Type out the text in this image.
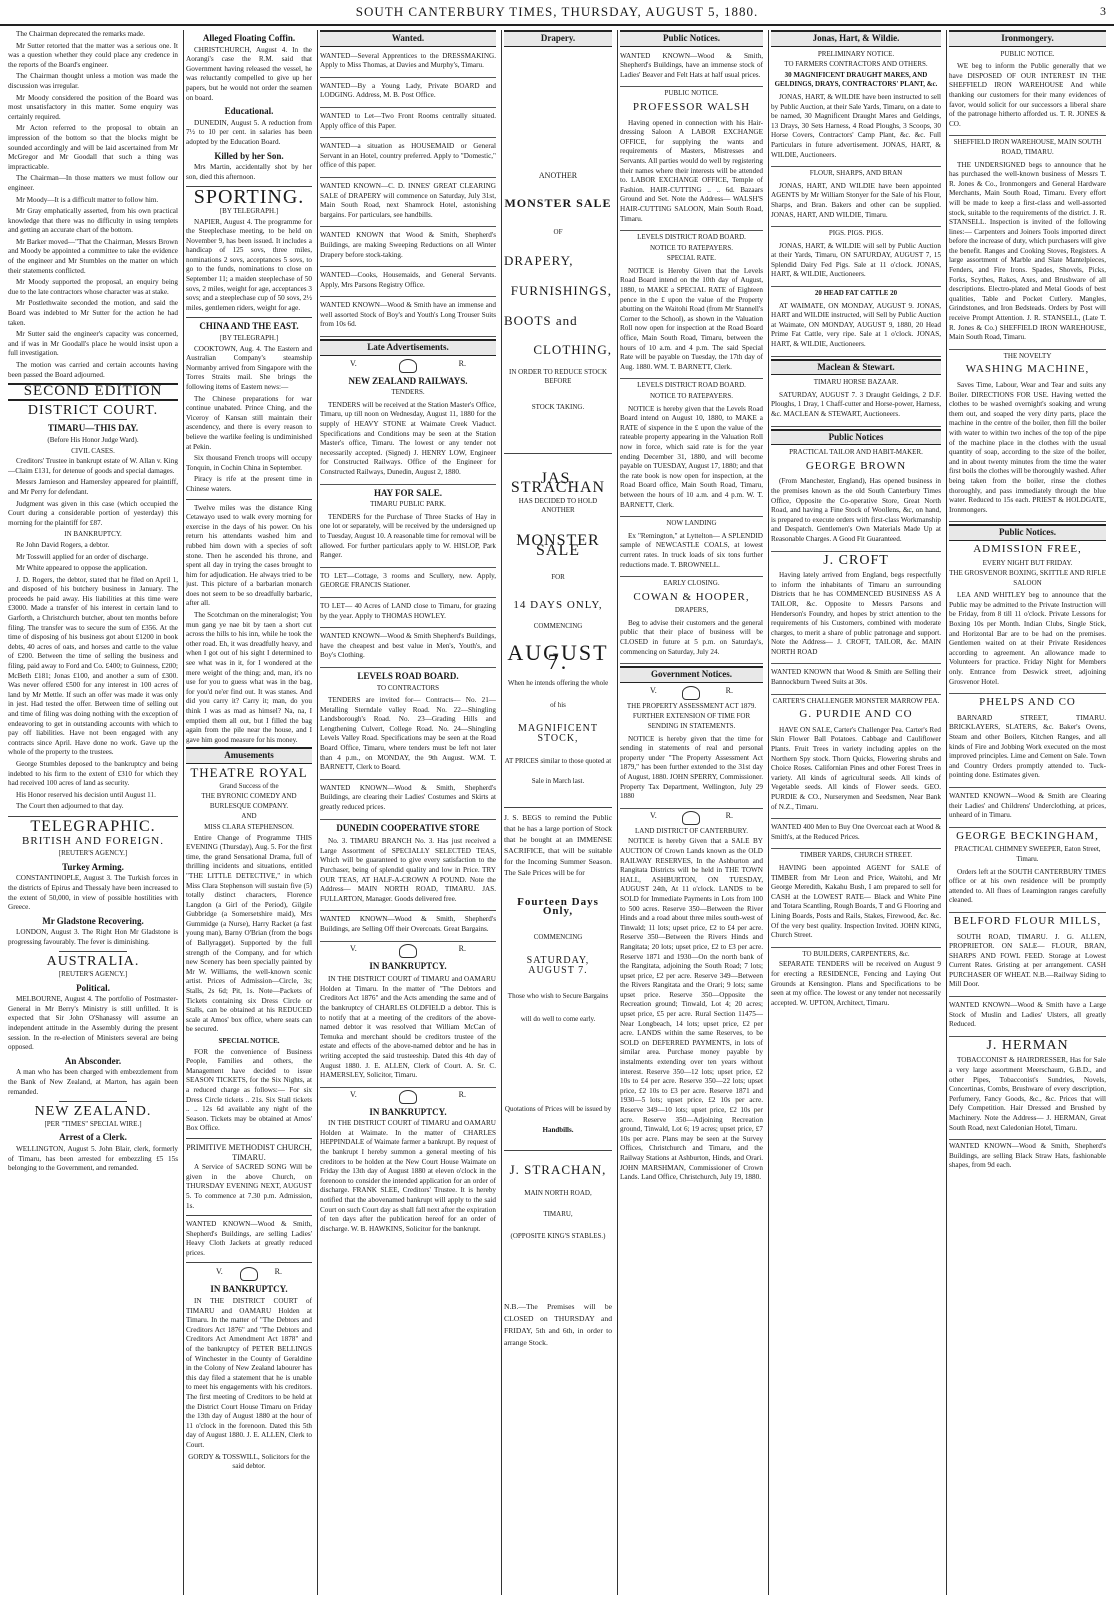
SOUTH CANTERBURY TIMES, THURSDAY, AUGUST 5, 1880.	3

The Chairman deprecated the remarks made.

Mr Sutter retorted that the matter was a serious one. It was a question whether they could place any credence in the reports of the Board's engineer.

The Chairman thought unless a motion was made the discussion was irregular.

Mr Moody considered the position of the Board was most unsatisfactory in this matter. Some enquiry was certainly required.

Mr Acton referred to the proposal to obtain an impression of the bottom so that the blocks might be sounded accordingly and will be laid ascertained from Mr McGregor and Mr Goodall that such a thing was impracticable.

The Chairman—In those matters we must follow our engineer.

Mr Moody—It is a difficult matter to follow him.

Mr Gray emphatically asserted, from his own practical knowledge that there was no difficulty in using templets and getting an accurate chart of the bottom.

Mr Barker moved—"That the Chairman, Messrs Brown and Moody be appointed a committee to take the evidence of the engineer and Mr Stumbles on the matter on which their statements conflicted.

Mr Moody supported the proposal, an enquiry being due to the late contractors whose character was at stake.

Mr Postlethwaite seconded the motion, and said the Board was indebted to Mr Sutter for the action he had taken.

Mr Sutter said the engineer's capacity was concerned, and if was in Mr Goodall's place he would insist upon a full investigation.

The motion was carried and certain accounts having been passed the Board adjourned.

SECOND EDITION
DISTRICT COURT.
TIMARU—THIS DAY.
(Before His Honor Judge Ward).
CIVIL CASES.

Creditors' Trustee in bankrupt estate of W. Allan v. King—Claim £131, for detenue of goods and special damages.

Messrs Jamieson and Hamersley appeared for plaintiff, and Mr Perry for defendant.

Judgment was given in this case (which occupied the Court during a considerable portion of yesterday) this morning for the plaintiff for £87.

IN BANKRUPTCY.

Re John David Rogers, a debtor.

Mr Tosswill applied for an order of discharge.

Mr White appeared to oppose the application.

J. D. Rogers, the debtor, stated that he filed on April 1, and disposed of his butchery business in January. The proceeds he paid away. His liabilities at this time were £3000. Made a transfer of his interest in certain land to Garforth, a Christchurch butcher, about ten months before filing. The transfer was to secure the sum of £356. At the time of disposing of his business got about £1200 in book debts, 40 acres of oats, and horses and cattle to the value of £200. Between the time of selling the business and filing, paid away to Ford and Co. £400; to Guinness, £200; McBeth £181; Jonas £100, and another a sum of £300. Was never offered £500 for any interest in 100 acres of land by Mr Mettle. If such an offer was made it was only in jest. Had tested the offer. Between time of selling out and time of filing was doing nothing with the exception of endeavoring to get in outstanding accounts with which to pay off liabilities. Have not been engaged with any contracts since April. Have done no work. Gave up the whole of the property to the trustees.

George Stumbles deposed to the bankruptcy and being indebted to his firm to the extent of £310 for which they had received 100 acres of land as security.

His Honor reserved his decision until August 11.

The Court then adjourned to that day.

TELEGRAPHIC.
BRITISH AND FOREIGN.
[REUTER'S AGENCY.]
Turkey Arming.

CONSTANTINOPLE, August 3. The Turkish forces in the districts of Epirus and Thessaly have been increased to the extent of 50,000, in view of possible hostilities with Greece.

Mr Gladstone Recovering.

LONDON, August 3. The Right Hon Mr Gladstone is progressing favourably. The fever is diminishing.

AUSTRALIA.
[REUTER'S AGENCY.]
Political.

MELBOURNE, August 4. The portfolio of Postmaster-General in Mr Berry's Ministry is still unfilled. It is expected that Sir John O'Shanassy will assume an independent attitude in the Assembly during the present session. In the re-election of Ministers several are being opposed.

An Absconder.

A man who has been charged with embezzlement from the Bank of New Zealand, at Marton, has again been remanded.

NEW ZEALAND.
[PER "TIMES" SPECIAL WIRE.]
Arrest of a Clerk.

WELLINGTON, August 5. John Blair, clerk, formerly of Timaru, has been arrested for embezzling £5 15s belonging to the Government, and remanded.

Alleged Floating Coffin.

CHRISTCHURCH, August 4. In the Aorangi's case the R.M. said that Government having released the vessel, he was reluctantly compelled to give up her papers, but he would not order the seamen on board.

Educational.

DUNEDIN, August 5. A reduction from 7½ to 10 per cent. in salaries has been adopted by the Education Board.

Killed by her Son.

Mrs Martin, accidentally shot by her son, died this afternoon.

SPORTING.
[BY TELEGRAPH.]

NAPIER, August 4. The programme for the Steeplechase meeting, to be held on November 9, has been issued. It includes a handicap of 125 sovs, three miles, nominations 2 sovs, acceptances 5 sovs, to go to the funds, nominations to close on September 11; a maiden steeplechase of 50 sovs, 2 miles, weight for age, acceptances 3 sovs; and a steeplechase cup of 50 sovs, 2½ miles, gentlemen riders, weight for age.

CHINA AND THE EAST.
[BY TELEGRAPH.]

COOKTOWN, Aug. 4. The Eastern and Australian Company's steamship Normanby arrived from Singapore with the Torres Straits mail. She brings the following items of Eastern news:—

The Chinese preparations for war continue unabated. Prince Ching, and the Viceroy of Kansan still maintain their ascendency, and there is every reason to believe the warlike feeling is undiminished at Pekin.

Six thousand French troops will occupy Tonquin, in Cochin China in September.

Piracy is rife at the present time in Chinese waters.

Twelve miles was the distance King Cetawayo used to walk every morning for exercise in the days of his power. On his return his attendants washed him and rubbed him down with a species of soft stone. Then he ascended his throne, and spent all day in trying the cases brought to him for adjudication. He always tried to be just. This picture of a barbarian monarch does not seem to be so dreadfully barbaric, after all.

The Scotchman on the mineralogist; You mun gang ye nae bit by taen a short cut across the hills to his inn, while he took the other road. Eh, it was dreadfully heavy, and when I got out of his sight I determined to see what was in it, for I wondered at the mere weight of the thing; and, man, it's no use for you to guess what was in the bag, for you'd ne'er find out. It was stanes. And did you carry it? Carry it; man, do you think I was as mad as himsel? Na, na, I emptied them all out, but I filled the bag again from the pile near the house, and I gave him good measure for his money.

Amusements
THEATRE ROYAL
Grand Success of the
THE BYRONIC COMEDY AND BURLESQUE COMPANY.
AND
MISS CLARA STEPHENSON.

Entire Change of Programme THIS EVENING (Thursday), Aug. 5. For the first time, the grand Sensational Drama, full of thrilling incidents and situations, entitled "THE LITTLE DETECTIVE," in which Miss Clara Stephenson will sustain five (5) totally distinct characters, Florence Langdon (a Girl of the Period), Gilgile Gubbridge (a Somersetshire maid), Mrs Gummidge (a Nurse), Harry Racket (a fast young man), Barny O'Brian (from the bogs of Ballyragget). Supported by the full strength of the Company, and for which new Scenery has been specially painted by Mr W. Williams, the well-known scenic artist. Prices of Admission—Circle, 3s; Stalls, 2s 6d; Pit, 1s. Note—Packets of Tickets containing six Dress Circle or Stalls, can be obtained at his REDUCED scale at Amos' box office, where seats can be secured.

SPECIAL NOTICE.

FOR the convenience of Business People, Families and others, the Management have decided to issue SEASON TICKETS, for the Six Nights, at a reduced charge as follows:— For six Dress Circle tickets .. 21s. Six Stall tickets .. .. 12s 6d available any night of the Season. Tickets may be obtained at Amos' Box Office.

PRIMITIVE METHODIST CHURCH, TIMARU.

A Service of SACRED SONG Will be given in the above Church, on THURSDAY EVENING NEXT, AUGUST 5. To commence at 7.30 p.m. Admission, 1s.

WANTED KNOWN—Wood & Smith, Shepherd's Buildings, are selling Ladies' Heavy Cloth Jackets at greatly reduced prices.

V.	R.
IN BANKRUPTCY.

IN THE DISTRICT COURT of TIMARU and OAMARU Holden at Timaru. In the matter of "The Debtors and Creditors Act 1876" and "The Debtors and Creditors Act Amendment Act 1878" and of the bankruptcy of PETER BELLINGS of Winchester in the County of Geraldine in the Colony of New Zealand labourer has this day filed a statement that he is unable to meet his engagements with his creditors. The first meeting of Creditors to be held at the District Court House Timaru on Friday the 13th day of August 1880 at the hour of 11 o'clock in the forenoon. Dated this 5th day of August 1880. J. E. ALLEN, Clerk to Court.

GORDY & TOSSWILL, Solicitors for the said debtor.

Wanted.

WANTED—Several Apprentices to the DRESSMAKING. Apply to Miss Thomas, at Davies and Murphy's, Timaru.

WANTED—By a Young Lady, Private BOARD and LODGING. Address, M. B. Post Office.

WANTED to Let—Two Front Rooms centrally situated. Apply office of this Paper.

WANTED—a situation as HOUSEMAID or General Servant in an Hotel, country preferred. Apply to "Domestic," office of this paper.

WANTED KNOWN—C. D. INNES' GREAT CLEARING SALE of DRAPERY will commence on Saturday, July 31st, Main South Road, next Shamrock Hotel, astonishing bargains. For particulars, see handbills.

WANTED KNOWN that Wood & Smith, Shepherd's Buildings, are making Sweeping Reductions on all Winter Drapery before stock-taking.

WANTED—Cooks, Housemaids, and General Servants. Apply, Mrs Parsons Registry Office.

WANTED KNOWN—Wood & Smith have an immense and well assorted Stock of Boy's and Youth's Long Trouser Suits from 10s 6d.

Late Advertisements.
V.	R.
NEW ZEALAND RAILWAYS.
TENDERS.

TENDERS will be received at the Station Master's Office, Timaru, up till noon on Wednesday, August 11, 1880 for the supply of HEAVY STONE at Waimate Creek Viaduct. Specifications and Conditions may be seen at the Station Master's office, Timaru. The lowest or any tender not necessarily accepted. (Signed) J. HENRY LOW, Engineer for Constructed Railways. Office of the Engineer for Constructed Railways, Dunedin, August 2, 1880.

HAY FOR SALE.
TIMARU PUBLIC PARK.

TENDERS for the Purchase of Three Stacks of Hay in one lot or separately, will be received by the undersigned up to Tuesday, August 10. A reasonable time for removal will be allowed. For further particulars apply to W. HISLOP, Park Ranger.

TO LET—Cottage, 3 rooms and Scullery, new. Apply, GEORGE FRANCIS Stationer.

TO LET— 40 Acres of LAND close to Timaru, for grazing by the year. Apply to THOMAS HOWLEY.

WANTED KNOWN—Wood & Smith Shepherd's Buildings, have the cheapest and best value in Men's, Youth's, and Boy's Clothing.

LEVELS ROAD BOARD.
TO CONTRACTORS

TENDERS are invited for— Contracts— No. 21—Metalling Sterndale valley Road. No. 22—Shingling Landsborough's Road. No. 23—Grading Hills and Lengthening Culvert, College Road. No. 24—Shingling Levels Valley Road. Specifications may be seen at the Road Board Office, Timaru, where tenders must be left not later than 4 p.m., on MONDAY, the 9th August. W.M. T. BARNETT, Clerk to Board.

WANTED KNOWN—Wood & Smith, Shepherd's Buildings, are clearing their Ladies' Costumes and Skirts at greatly reduced prices.

DUNEDIN COOPERATIVE STORE

No. 3. TIMARU BRANCH No. 3. Has just received a Large Assortment of SPECIALLY SELECTED TEAS, Which will be guaranteed to give every satisfaction to the Purchaser, being of splendid quality and low in Price. TRY OUR TEAS, AT HALF-A-CROWN A POUND. Note the Address— MAIN NORTH ROAD, TIMARU. JAS. FULLARTON, Manager. Goods delivered free.

WANTED KNOWN—Wood & Smith, Shepherd's Buildings, are Selling Off their Overcoats. Great Bargains.

V.	R.
IN BANKRUPTCY.

IN THE DISTRICT COURT of TIMARU and OAMARU Holden at Timaru. In the matter of "The Debtors and Creditors Act 1876" and the Acts amending the same and of the bankruptcy of CHARLES OLDFIELD a debtor. This is to notify that at a meeting of the creditors of the above-named debtor it was resolved that William McCan of Temuka and merchant should be creditors trustee of the estate and effects of the above-named debtor and he has in writing accepted the said trusteeship. Dated this 4th day of August 1880. J. E. ALLEN, Clerk of Court. A. Sr. C. HAMERSLEY, Solicitor, Timaru.

V.	R.
IN BANKRUPTCY.

IN THE DISTRICT COURT of TIMARU and OAMARU Holden at Waimate. In the matter of CHARLES HEPPINDALE of Waimate farmer a bankrupt. By request of the bankrupt I hereby summon a general meeting of his creditors to be holden at the New Court House Waimate on Friday the 13th day of August 1880 at eleven o'clock in the forenoon to consider the intended application for an order of discharge. FRANK SLEE, Creditors' Trustee. It is hereby notified that the abovenamed bankrupt will apply to the said Court on such Court day as shall fall next after the expiration of ten days after the publication hereof for an order of discharge. W. B. HAWKINS, Solicitor for the bankrupt.

Drapery.
ANOTHER
MONSTER SALE
OF
DRAPERY,
FURNISHINGS,
BOOTS and
CLOTHING,
IN ORDER TO REDUCE STOCK BEFORE
STOCK TAKING.
JAS. STRACHAN
HAS DECIDED TO HOLD ANOTHER
MONSTER SALE
FOR
14 DAYS ONLY,
COMMENCING
AUGUST 7.
When he intends offering the whole
of his
MAGNIFICENT STOCK,
AT PRICES similar to those quoted at
Sale in March last.

J. S. BEGS to remind the Public that he has a large portion of Stock that he bought at an IMMENSE SACRIFICE, that will be suitable for the Incoming Summer Season. The Sale Prices will be for

Fourteen Days Only,
COMMENCING
SATURDAY, AUGUST 7.
Those who wish to Secure Bargains
will do well to come early.
Quotations of Prices will be issued by
Handbills.
J. STRACHAN,
MAIN NORTH ROAD,
TIMARU,
(OPPOSITE KING'S STABLES.)

N.B.—The Premises will be CLOSED on THURSDAY and FRIDAY, 5th and 6th, in order to arrange Stock.

Public Notices.

WANTED KNOWN—Wood & Smith, Shepherd's Buildings, have an immense stock of Ladies' Beaver and Felt Hats at half usual prices.

PUBLIC NOTICE.
PROFESSOR WALSH

Having opened in connection with his Hair-dressing Saloon A LABOR EXCHANGE OFFICE, for supplying the wants and requirements of Masters, Mistresses and Servants. All parties would do well by registering their names where their interests will be attended to. LABOR EXCHANGE OFFICE, Temple of Fashion. HAIR-CUTTING .. .. 6d. Bazaars Ground and Set. Note the Address— WALSH'S HAIR-CUTTING SALOON, Main South Road, Timaru.

LEVELS DISTRICT ROAD BOARD.
NOTICE TO RATEPAYERS.
SPECIAL RATE.

NOTICE is Hereby Given that the Levels Road Board intend on the 10th day of August, 1880, to MAKE a SPECIAL RATE of Eighteen pence in the £ upon the value of the Property abutting on the Waitohi Road (from Mr Stannell's Corner to the School), as shown in the Valuation Roll now open for inspection at the Road Board office, Main South Road, Timaru, between the hours of 10 a.m. and 4 p.m. The said Special Rate will be payable on Tuesday, the 17th day of Aug. 1880. WM. T. BARNETT, Clerk.

LEVELS DISTRICT ROAD BOARD.
NOTICE TO RATEPAYERS.

NOTICE is hereby given that the Levels Road Board intend on August 10, 1880, to MAKE a RATE of sixpence in the £ upon the value of the rateable property appearing in the Valuation Roll now in force, which said rate is for the year ending December 31, 1880, and will become payable on TUESDAY, August 17, 1880; and that the rate book is now open for inspection, at the Road Board office, Main South Road, Timaru, between the hours of 10 a.m. and 4 p.m. W. T. BARNETT, Clerk.

NOW LANDING

Ex "Remington," at Lyttelton— A SPLENDID sample of NEWCASTLE COALS, at lowest current rates. In truck loads of six tons further reductions made. T. BROWNELL.

EARLY CLOSING.
COWAN & HOOPER,
DRAPERS,

Beg to advise their customers and the general public that their place of business will be CLOSED in future at 5 p.m. on Saturday's, commencing on Saturday, July 24.

Government Notices.
V.	R.
THE PROPERTY ASSESSMENT ACT 1879.
FURTHER EXTENSION OF TIME FOR SENDING IN STATEMENTS.

NOTICE is hereby given that the time for sending in statements of real and personal property under "The Property Assessment Act 1879," has been further extended to the 31st day of August, 1880. JOHN SPERRY, Commissioner. Property Tax Department, Wellington, July 29 1880

V.	R.
LAND DISTRICT OF CANTERBURY.

NOTICE is hereby Given that a SALE BY AUCTION Of Crown Lands known as the OLD RAILWAY RESERVES, In the Ashburton and Rangitata Districts will be held in THE TOWN HALL, ASHBURTON, ON TUESDAY, AUGUST 24th, At 11 o'clock. LANDS to be SOLD for Immediate Payments in Lots from 100 to 500 acres. Reserve 350—Between the River Hinds and a road about three miles south-west of Tinwald; 11 lots; upset price, £2 to £4 per acre. Reserve 350—Between the Rivers Hinds and Rangitata; 20 lots; upset price, £2 to £3 per acre. Reserve 1871 and 1930—On the north bank of the Rangitata, adjoining the South Road; 7 lots; upset price, £2 per acre. Reserve 349—Between the Rivers Rangitata and the Orari; 9 lots; same upset price. Reserve 350—Opposite the Recreation ground; Tinwald, Lot 4; 20 acres; upset price, £5 per acre. Rural Section 11475—Near Longbeach, 14 lots; upset price, £2 per acre. LANDS within the same Reserves, to be SOLD on DEFERRED PAYMENTS, in lots of similar area. Purchase money payable by instalments extending over ten years without interest. Reserve 350—12 lots; upset price, £2 10s to £4 per acre. Reserve 350—22 lots; upset price, £2 10s to £3 per acre. Reserve 1871 and 1930—5 lots; upset price, £2 10s per acre. Reserve 349—10 lots; upset price, £2 10s per acre. Reserve 350—Adjoining Recreation ground, Tinwald, Lot 6; 19 acres; upset price, £7 10s per acre. Plans may be seen at the Survey Offices, Christchurch and Timaru, and the Railway Stations at Ashburton, Hinds, and Orari. JOHN MARSHMAN, Commissioner of Crown Lands. Land Office, Christchurch, July 19, 1880.

Jonas, Hart, & Wildie.
PRELIMINARY NOTICE.
TO FARMERS CONTRACTORS AND OTHERS.
30 MAGNIFICENT DRAUGHT MARES, AND GELDINGS, DRAYS, CONTRACTORS' PLANT, &c.

JONAS, HART, & WILDIE have been instructed to sell by Public Auction, at their Sale Yards, Timaru, on a date to be named, 30 Magnificent Draught Mares and Geldings, 13 Drays, 30 Sets Harness, 4 Road Ploughs, 3 Scoops, 30 Horse Covers, Contractors' Camp Plant, &c. &c. Full Particulars in future advertisement. JONAS, HART, & WILDIE, Auctioneers.

FLOUR, SHARPS, AND BRAN

JONAS, HART, AND WILDIE have been appointed AGENTS by Mr William Stonyer for the Sale of his Flour, Sharps, and Bran. Bakers and other can be supplied. JONAS, HART, AND WILDIE, Timaru.

PIGS. PIGS. PIGS.

JONAS, HART, & WILDIE will sell by Public Auction at their Yards, Timaru, ON SATURDAY, AUGUST 7, 15 Splendid Dairy Fed Pigs. Sale at 11 o'clock. JONAS, HART, & WILDIE, Auctioneers.

20 HEAD FAT CATTLE 20

AT WAIMATE, ON MONDAY, AUGUST 9. JONAS, HART and WILDIE instructed, will Sell by Public Auction at Waimate, ON MONDAY, AUGUST 9, 1880, 20 Head Prime Fat Cattle, very ripe. Sale at 1 o'clock. JONAS, HART, & WILDIE, Auctioneers.

Maclean & Stewart.
TIMARU HORSE BAZAAR.

SATURDAY, AUGUST 7. 3 Draught Geldings, 2 D.F. Ploughs, 1 Dray, 1 Chaff-cutter and Horse-power, Harness, &c. MACLEAN & STEWART, Auctioneers.

Public Notices
PRACTICAL TAILOR AND HABIT-MAKER.
GEORGE BROWN

(From Manchester, England), Has opened business in the premises known as the old South Canterbury Times Office, Opposite the Co-operative Store, Great North Road, and having a Fine Stock of Woollens, &c, on hand, is prepared to execute orders with first-class Workmanship and Despatch. Gentlemen's Own Materials Made Up at Reasonable Charges. A Good Fit Guaranteed.

J. CROFT

Having lately arrived from England, begs respectfully to inform the inhabitants of Timaru an surrounding Districts that he has COMMENCED BUSINESS AS A TAILOR, &c. Opposite to Messrs Parsons and Henderson's Foundry, and hopes by strict attention to the requirements of his Customers, combined with moderate charges, to merit a share of public patronage and support. Note the Address— J. CROFT, TAILOR, &c. MAIN NORTH ROAD

WANTED KNOWN that Wood & Smith are Selling their Bannockburn Tweed Suits at 30s.

CARTER'S CHALLENGER MONSTER MARROW PEA.
G. PURDIE AND CO

HAVE ON SALE, Carter's Challenger Pea. Carter's Red Skin Flower Ball Potatoes. Cabbage and Cauliflower Plants. Fruit Trees in variety including apples on the Northern Spy stock. Thorn Quicks, Flowering shrubs and Choice Roses. Californian Pines and other Forest Trees in variety. All kinds of agricultural seeds. All kinds of Vegetable seeds. All kinds of Flower seeds. GEO. PURDIE & CO., Nurserymen and Seedsmen, Near Bank of N.Z., Timaru.

WANTED 400 Men to Buy One Overcoat each at Wood & Smith's, at the Reduced Prices.

TIMBER YARDS, CHURCH STREET.

HAVING been appointed AGENT for SALE of TIMBER from Mr Leon and Price, Waitohi, and Mr George Meredith, Kakahu Bush, I am prepared to sell for CASH at the LOWEST RATE— Black and White Pine and Totara Scantling, Rough Boards, T and G Flooring and Lining Boards, Posts and Rails, Stakes, Firewood, &c. &c. Of the very best quality. Inspection Invited. JOHN KING, Church Street.

TO BUILDERS, CARPENTERS, &c.

SEPARATE TENDERS will be received on August 9 for erecting a RESIDENCE, Fencing and Laying Out Grounds at Kensington. Plans and Specifications to be seen at my office. The lowest or any tender not necessarily accepted. W. UPTON, Architect, Timaru.

Ironmongery.
PUBLIC NOTICE.

WE beg to inform the Public generally that we have DISPOSED OF OUR INTEREST IN THE SHEFFIELD IRON WAREHOUSE And while thanking our customers for their many evidences of favor, would solicit for our successors a liberal share of the patronage hitherto afforded us. T. R. JONES & CO.

SHEFFIELD IRON WAREHOUSE, MAIN SOUTH ROAD, TIMARU.

THE UNDERSIGNED begs to announce that he has purchased the well-known business of Messrs T. R. Jones & Co., Ironmongers and General Hardware Merchants, Main South Road, Timaru. Every effort will be made to keep a first-class and well-assorted stock, suitable to the requirements of the district. J. R. STANSELL. Inspection is invited of the following lines:— Carpenters and Joiners Tools imported direct before the increase of duty, which purchasers will give the benefit. Ranges and Cooking Stoves, Registers. A large assortment of Marble and Slate Mantelpieces, Fenders, and Fire Irons. Spades, Shovels, Picks, Forks, Scythes, Rakes, Axes, and Brushware of all descriptions. Electro-plated and Metal Goods of best qualities, Table and Pocket Cutlery. Mangles, Grindstones, and Iron Bedsteads. Orders by Post will receive Prompt Attention. J. R. STANSELL, (Late T. R. Jones & Co.) SHEFFIELD IRON WAREHOUSE, Main South Road, Timaru.

THE NOVELTY
WASHING MACHINE,

Saves Time, Labour, Wear and Tear and suits any Boiler. DIRECTIONS FOR USE. Having wetted the clothes to be washed overnight's soaking and wrung them out, and soaped the very dirty parts, place the machine in the centre of the boiler, then fill the boiler with water to within two inches of the top of the pipe of the machine place in the clothes with the usual quantity of soap, according to the size of the boiler, and in about twenty minutes from the time the water first boils the clothes will be thoroughly washed. After being taken from the boiler, rinse the clothes thoroughly, and pass immediately through the blue water. Reduced to 15s each. PRIEST & HOLDGATE, Ironmongers.

Public Notices.
ADMISSION FREE,
EVERY NIGHT BUT FRIDAY.
THE GROSVENOR BOXING, SKITTLE AND RIFLE SALOON

LEA AND WHITLEY beg to announce that the Public may be admitted to the Private Instruction will be Friday, from 8 till 11 o'clock. Private Lessons for Boxing 10s per Month. Indian Clubs, Single Stick, and Horizontal Bar are to be had on the premises. Gentlemen waited on at their Private Residences according to agreement. An allowance made to Volunteers for practice. Friday Night for Members only. Entrance from Deswick street, adjoining Grosvenor Hotel.

PHELPS AND CO

BARNARD STREET, TIMARU. BRICKLAYERS, SLATERS, &c. Baker's Ovens, Steam and other Boilers, Kitchen Ranges, and all kinds of Fire and Jobbing Work executed on the most improved principles. Lime and Cement on Sale. Town and Country Orders promptly attended to. Tuck-pointing done. Estimates given.

WANTED KNOWN—Wood & Smith are Clearing their Ladies' and Childrens' Underclothing, at prices, unheard of in Timaru.

GEORGE BECKINGHAM,
PRACTICAL CHIMNEY SWEEPER, Eaton Street, Timaru.

Orders left at the SOUTH CANTERBURY TIMES office or at his own residence will be promptly attended to. All flues of Leamington ranges carefully cleaned.

BELFORD FLOUR MILLS,

SOUTH ROAD, TIMARU. J. G. ALLEN, PROPRIETOR. ON SALE— FLOUR, BRAN, SHARPS AND FOWL FEED. Storage at Lowest Current Rates. Gristing at per arrangement. CASH PURCHASER OF WHEAT. N.B.—Railway Siding to Mill Door.

WANTED KNOWN—Wood & Smith have a Large Stock of Muslin and Ladies' Ulsters, all greatly Reduced.

J. HERMAN

TOBACCONIST & HAIRDRESSER, Has for Sale a very large assortment Meerschaum, G.B.D., and other Pipes, Tobacconist's Sundries, Novels, Concertinas, Combs, Brushware of every description, Perfumery, Fancy Goods, &c., &c. Prices that will Defy Competition. Hair Dressed and Brushed by Machinery. Note the Address— J. HERMAN, Great South Road, next Caledonian Hotel, Timaru.

WANTED KNOWN—Wood & Smith, Shepherd's Buildings, are selling Black Straw Hats, fashionable shapes, from 9d each.
